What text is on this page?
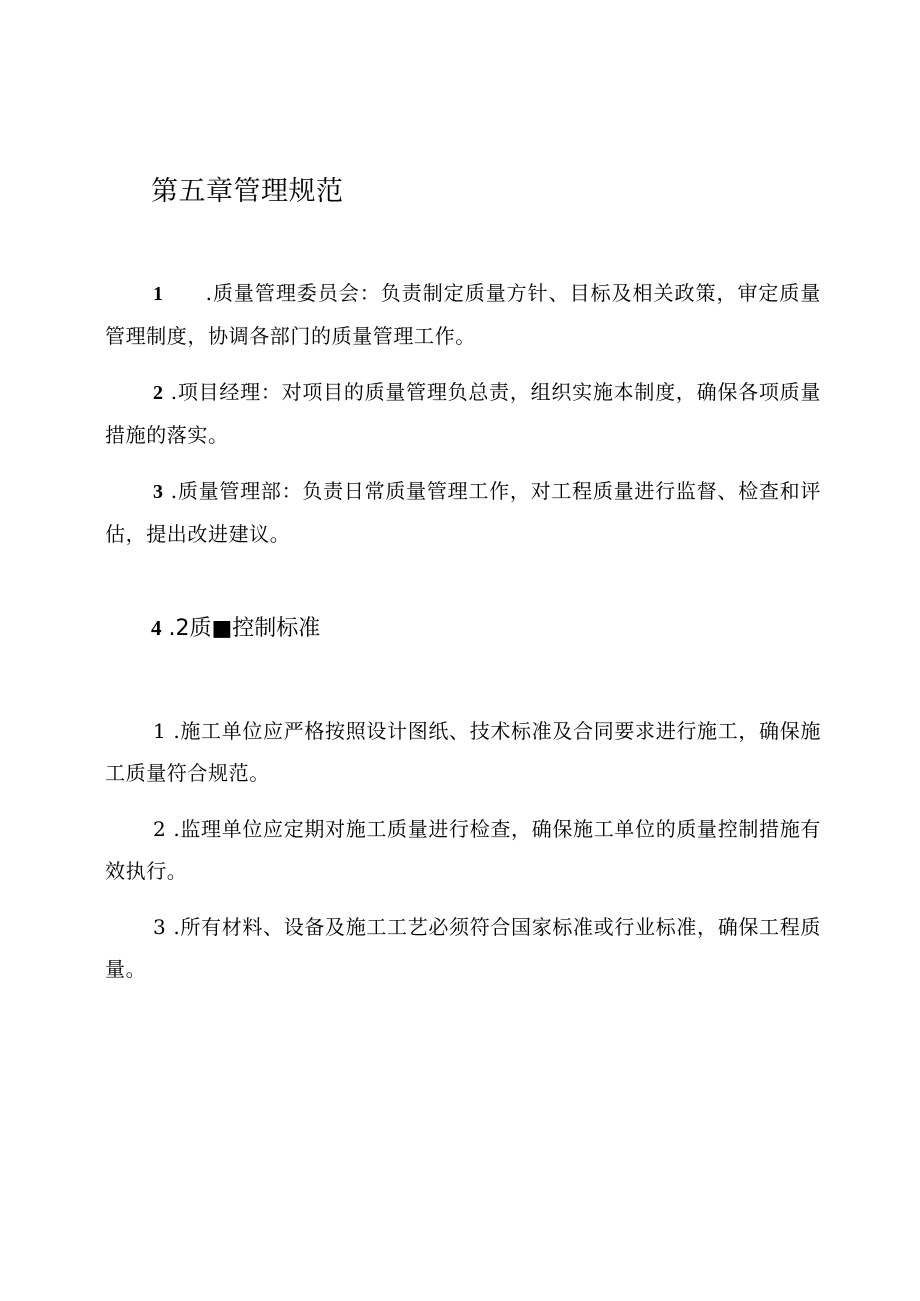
第五章管理规范

1 .质量管理委员会：负责制定质量方针、目标及相关政策，审定质量管理制度，协调各部门的质量管理工作。

2 .项目经理：对项目的质量管理负总责，组织实施本制度，确保各项质量措施的落实。

3 .质量管理部：负责日常质量管理工作，对工程质量进行监督、检查和评估，提出改进建议。

4 .2质■控制标准

1 .施工单位应严格按照设计图纸、技术标准及合同要求进行施工，确保施工质量符合规范。

2 .监理单位应定期对施工质量进行检查，确保施工单位的质量控制措施有效执行。

3 .所有材料、设备及施工工艺必须符合国家标准或行业标准，确保工程质量。
